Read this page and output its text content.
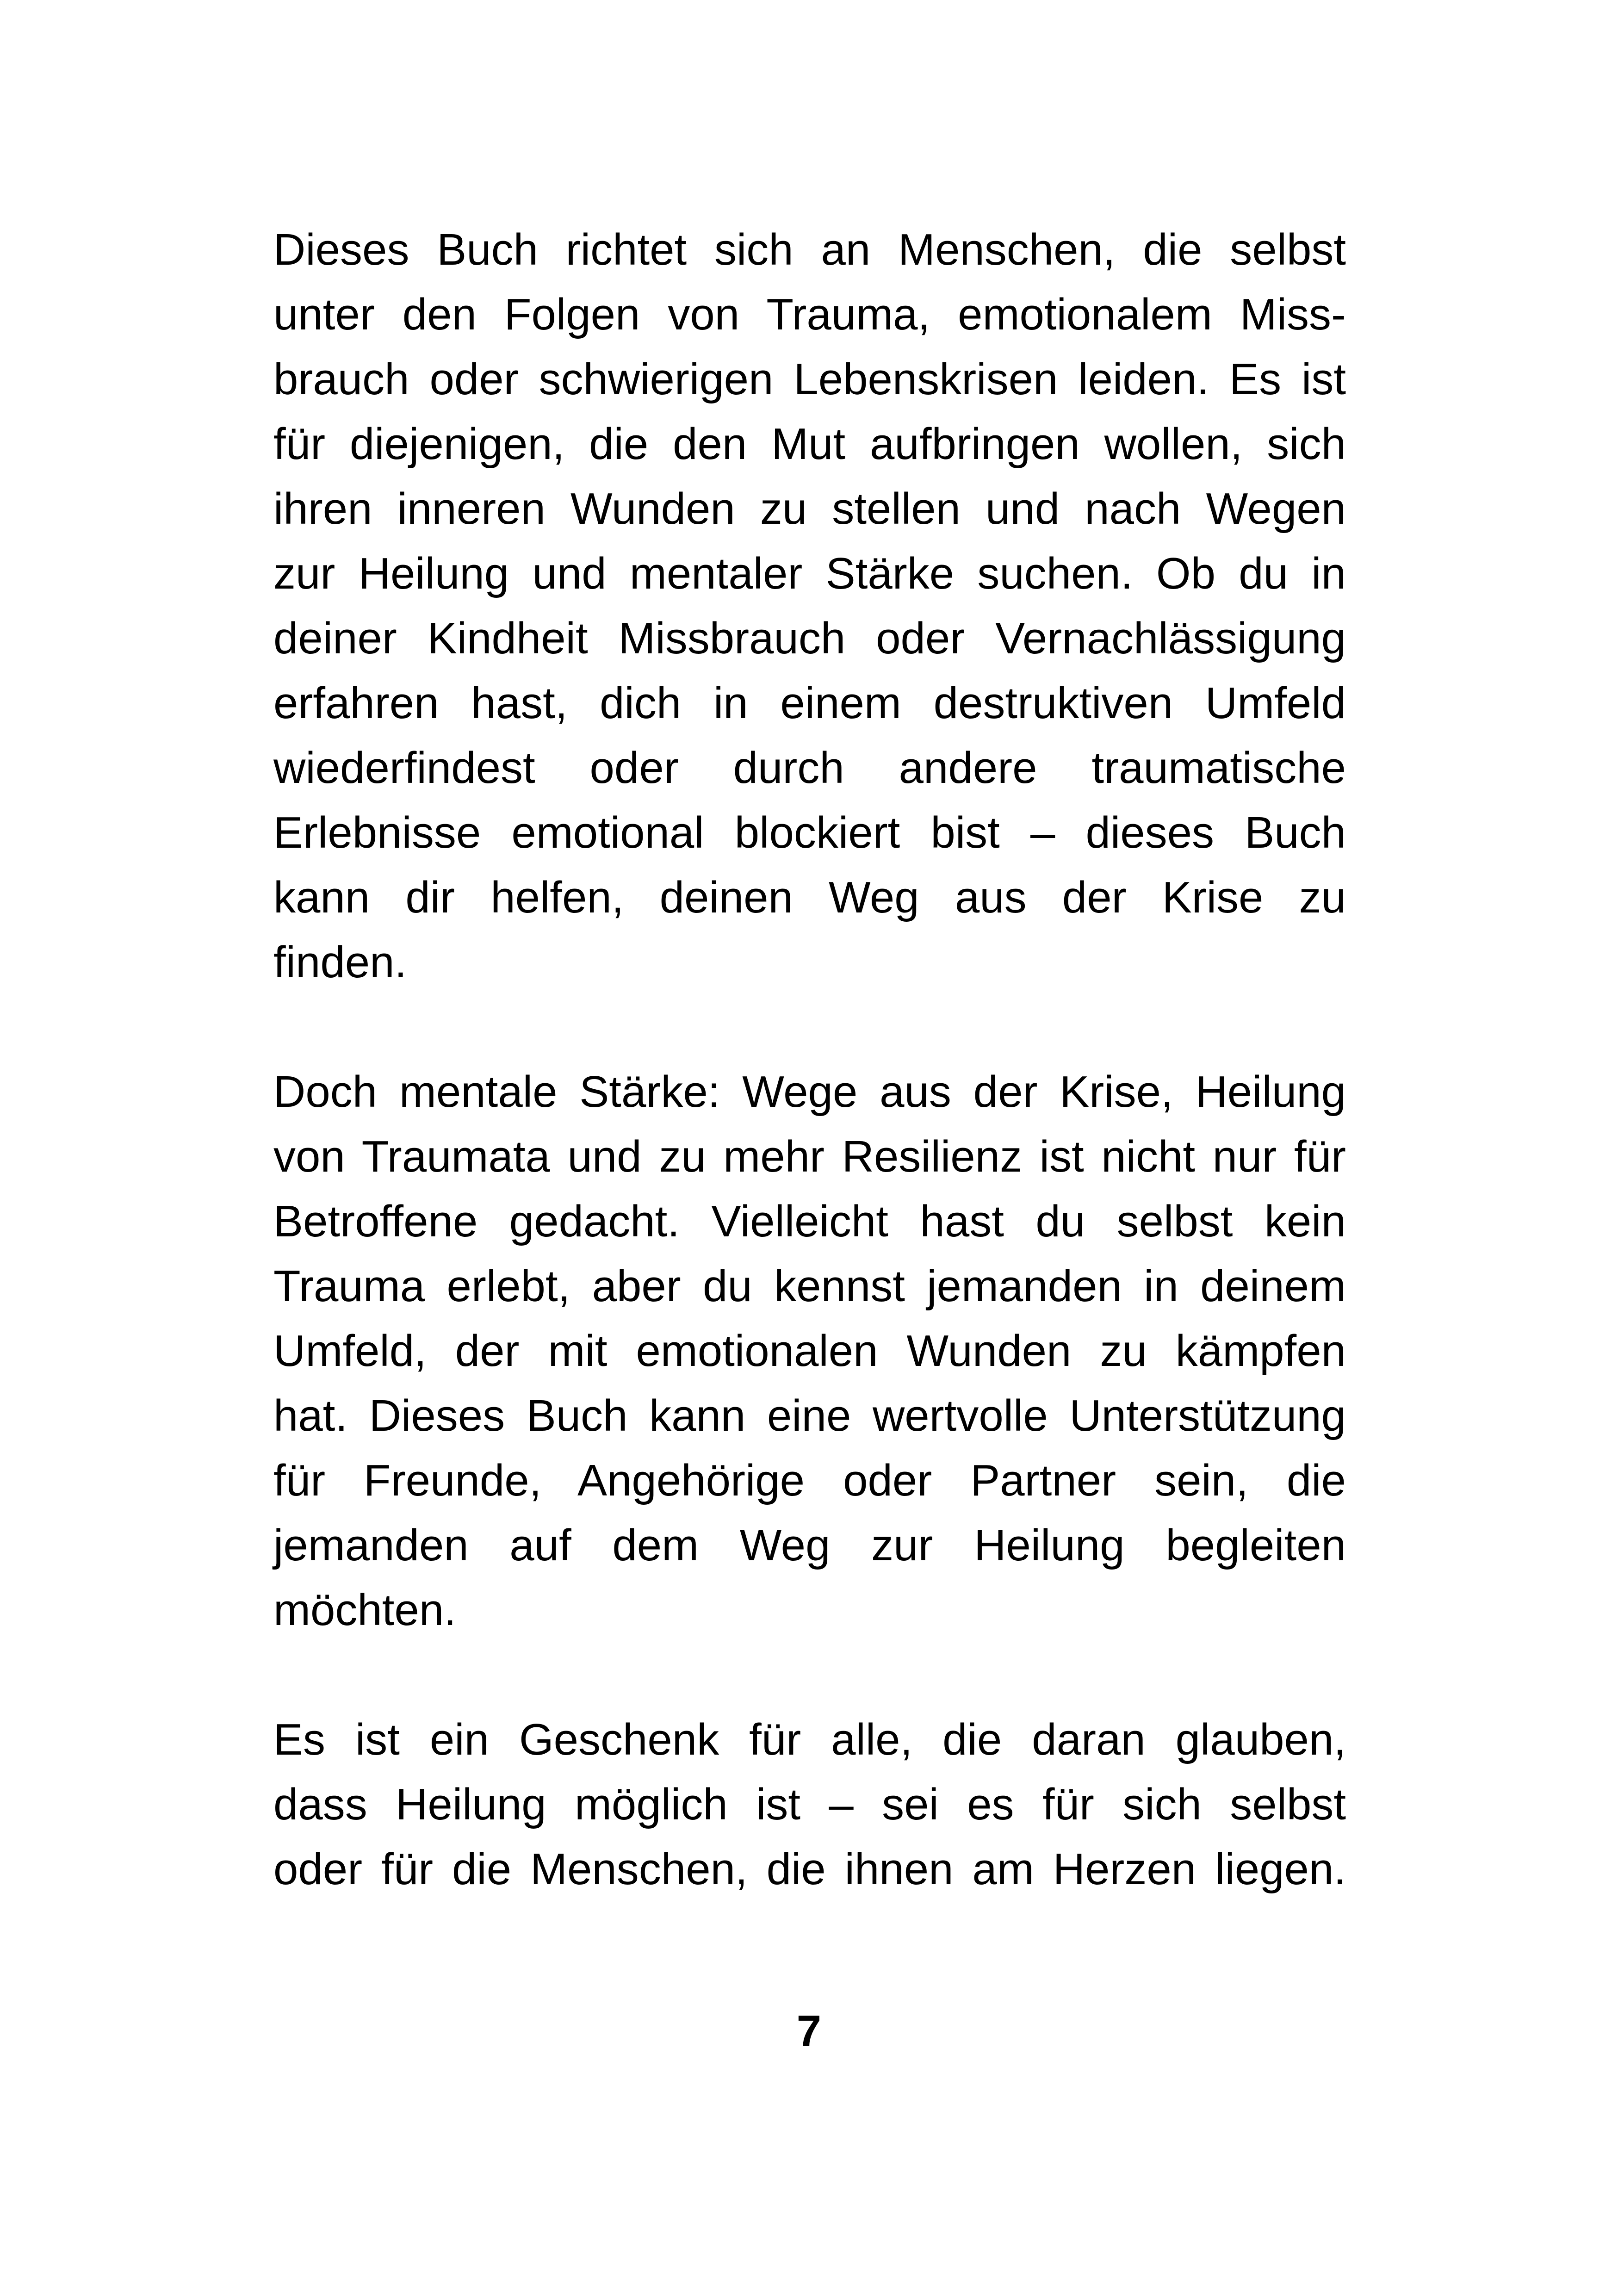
Dieses Buch richtet sich an Menschen, die selbst
unter den Folgen von Trauma, emotionalem Miss-
brauch oder schwierigen Lebenskrisen leiden. Es ist
für diejenigen, die den Mut aufbringen wollen, sich
ihren inneren Wunden zu stellen und nach Wegen
zur Heilung und mentaler Stärke suchen. Ob du in
deiner Kindheit Missbrauch oder Vernachlässigung
erfahren hast, dich in einem destruktiven Umfeld
wiederfindest oder durch andere traumatische
Erlebnisse emotional blockiert bist – dieses Buch
kann dir helfen, deinen Weg aus der Krise zu
finden.
Doch mentale Stärke: Wege aus der Krise, Heilung
von Traumata und zu mehr Resilienz ist nicht nur für
Betroffene gedacht. Vielleicht hast du selbst kein
Trauma erlebt, aber du kennst jemanden in deinem
Umfeld, der mit emotionalen Wunden zu kämpfen
hat. Dieses Buch kann eine wertvolle Unterstützung
für Freunde, Angehörige oder Partner sein, die
jemanden auf dem Weg zur Heilung begleiten
möchten.
Es ist ein Geschenk für alle, die daran glauben,
dass Heilung möglich ist – sei es für sich selbst
oder für die Menschen, die ihnen am Herzen liegen.
7
